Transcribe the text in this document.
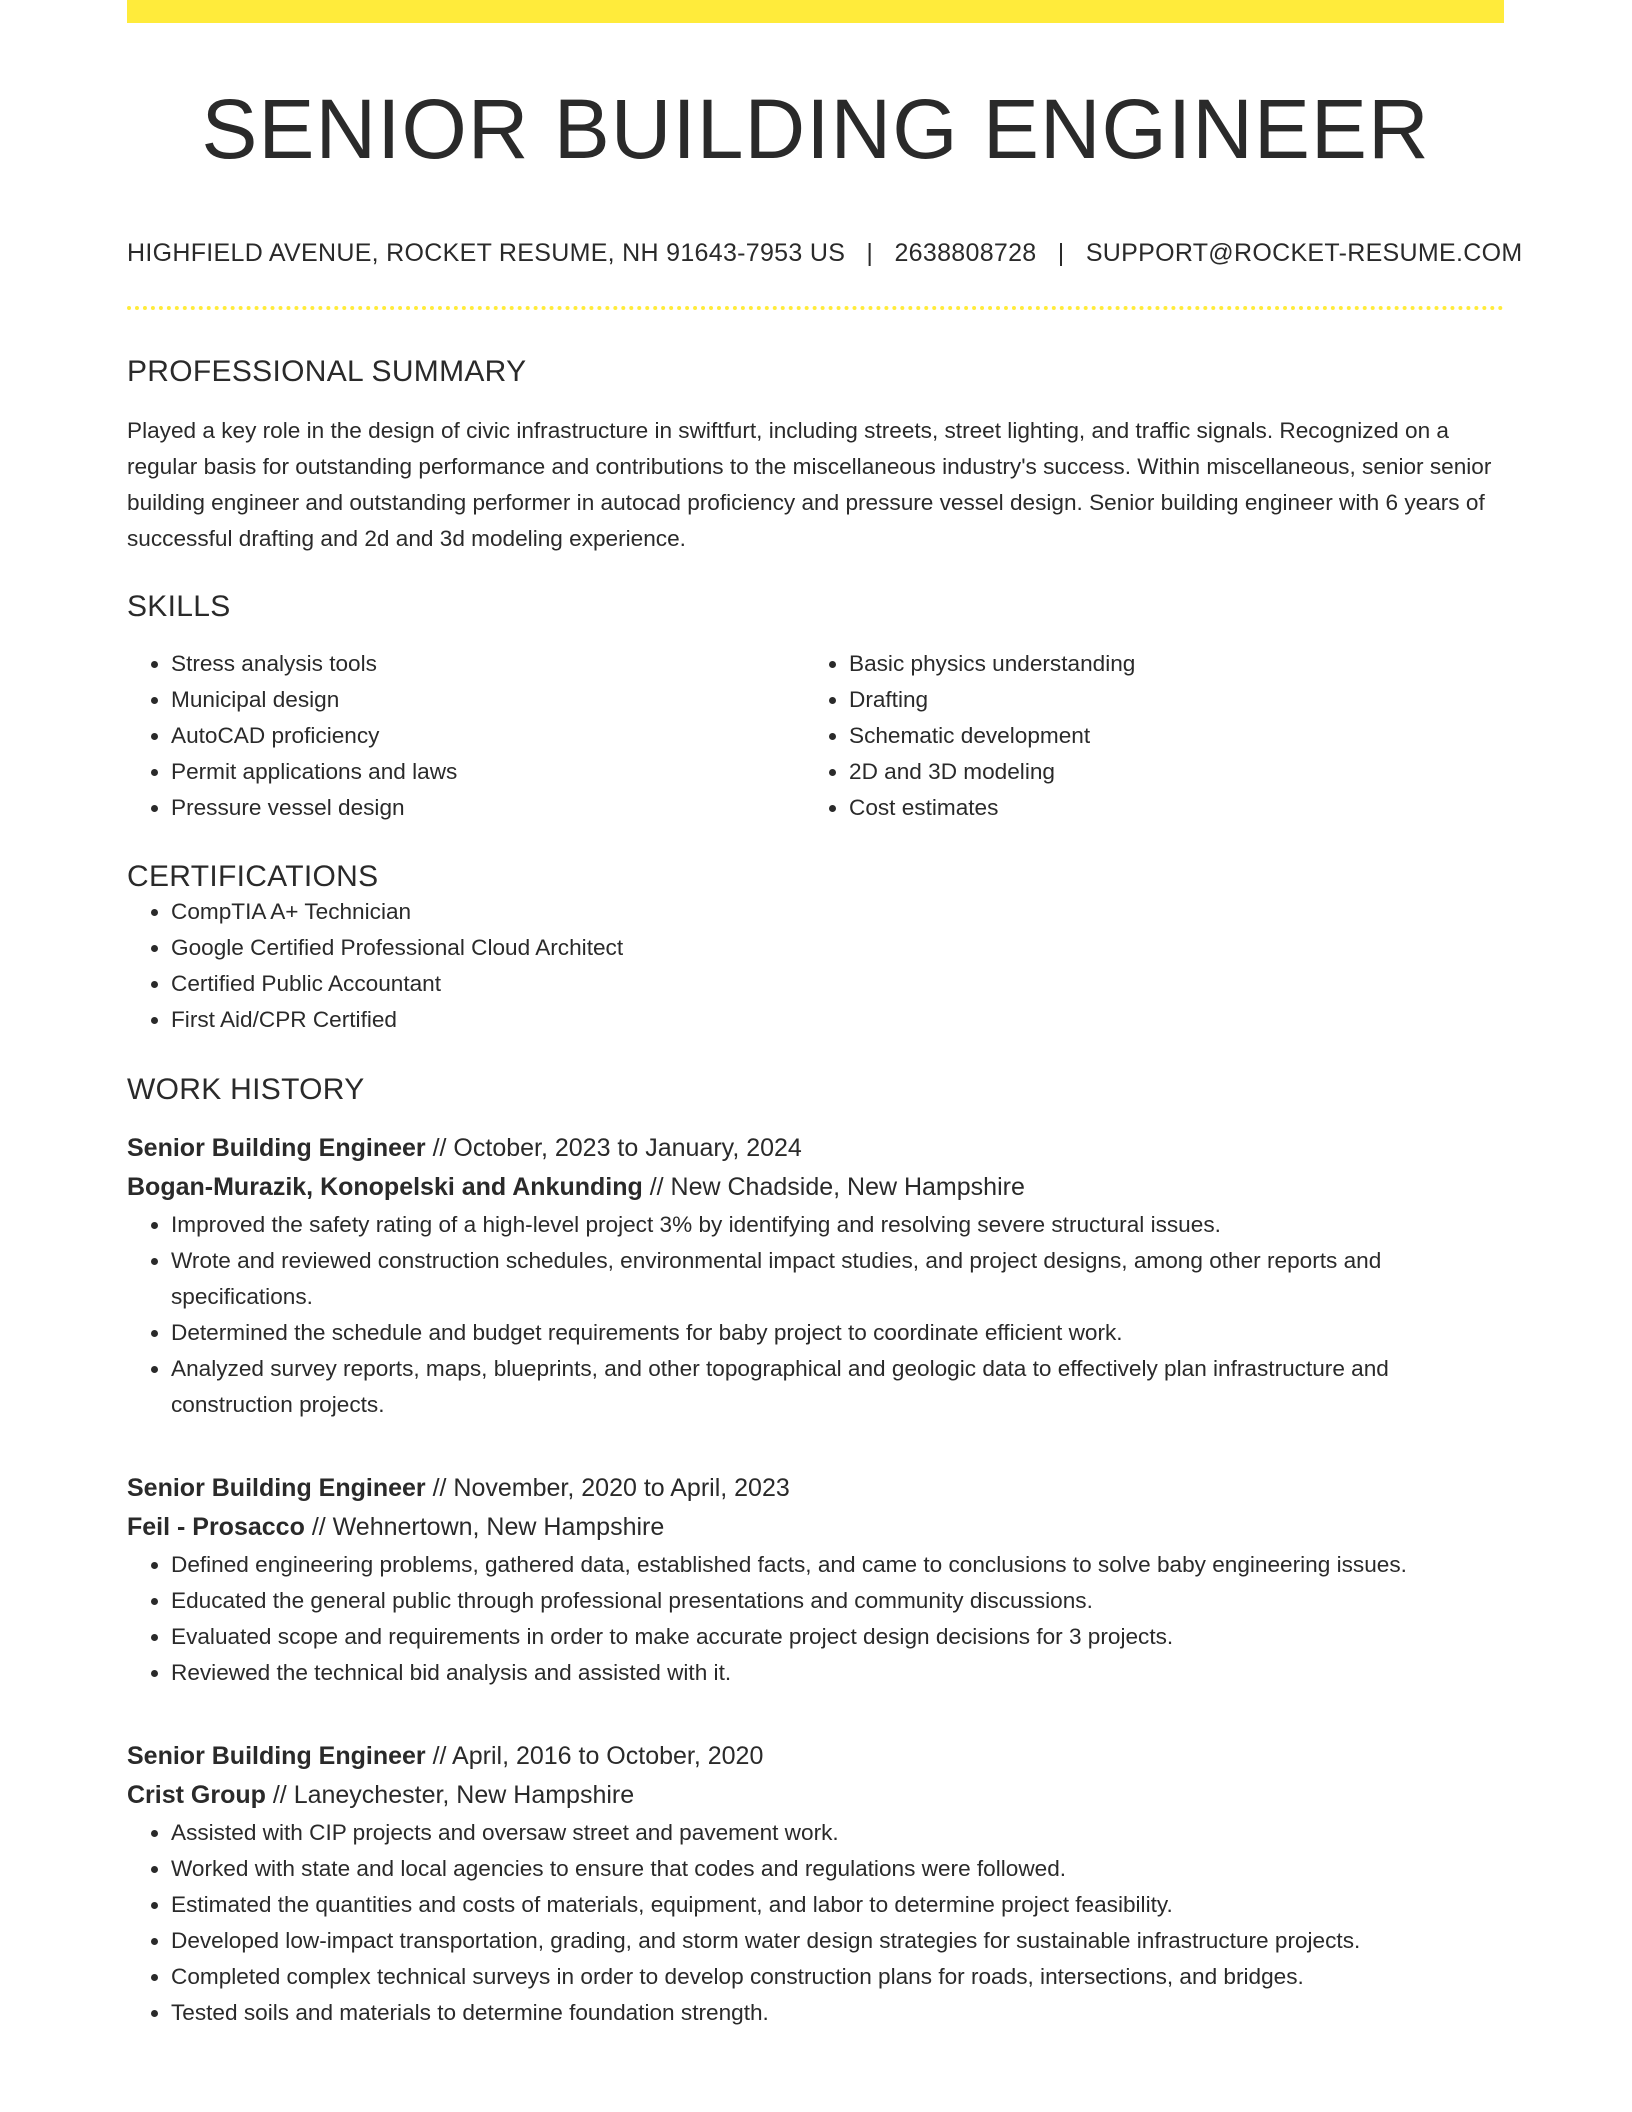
SENIOR BUILDING ENGINEER
HIGHFIELD AVENUE, ROCKET RESUME, NH 91643-7953 US | 2638808728 | SUPPORT@ROCKET-RESUME.COM
PROFESSIONAL SUMMARY
Played a key role in the design of civic infrastructure in swiftfurt, including streets, street lighting, and traffic signals. Recognized on a regular basis for outstanding performance and contributions to the miscellaneous industry's success. Within miscellaneous, senior senior building engineer and outstanding performer in autocad proficiency and pressure vessel design. Senior building engineer with 6 years of successful drafting and 2d and 3d modeling experience.
SKILLS
• Stress analysis tools
• Municipal design
• AutoCAD proficiency
• Permit applications and laws
• Pressure vessel design
• Basic physics understanding
• Drafting
• Schematic development
• 2D and 3D modeling
• Cost estimates
CERTIFICATIONS
• CompTIA A+ Technician
• Google Certified Professional Cloud Architect
• Certified Public Accountant
• First Aid/CPR Certified
WORK HISTORY
Senior Building Engineer // October, 2023 to January, 2024
Bogan-Murazik, Konopelski and Ankunding // New Chadside, New Hampshire
• Improved the safety rating of a high-level project 3% by identifying and resolving severe structural issues.
• Wrote and reviewed construction schedules, environmental impact studies, and project designs, among other reports and specifications.
• Determined the schedule and budget requirements for baby project to coordinate efficient work.
• Analyzed survey reports, maps, blueprints, and other topographical and geologic data to effectively plan infrastructure and construction projects.
Senior Building Engineer // November, 2020 to April, 2023
Feil - Prosacco // Wehnertown, New Hampshire
• Defined engineering problems, gathered data, established facts, and came to conclusions to solve baby engineering issues.
• Educated the general public through professional presentations and community discussions.
• Evaluated scope and requirements in order to make accurate project design decisions for 3 projects.
• Reviewed the technical bid analysis and assisted with it.
Senior Building Engineer // April, 2016 to October, 2020
Crist Group // Laneychester, New Hampshire
• Assisted with CIP projects and oversaw street and pavement work.
• Worked with state and local agencies to ensure that codes and regulations were followed.
• Estimated the quantities and costs of materials, equipment, and labor to determine project feasibility.
• Developed low-impact transportation, grading, and storm water design strategies for sustainable infrastructure projects.
• Completed complex technical surveys in order to develop construction plans for roads, intersections, and bridges.
• Tested soils and materials to determine foundation strength.
